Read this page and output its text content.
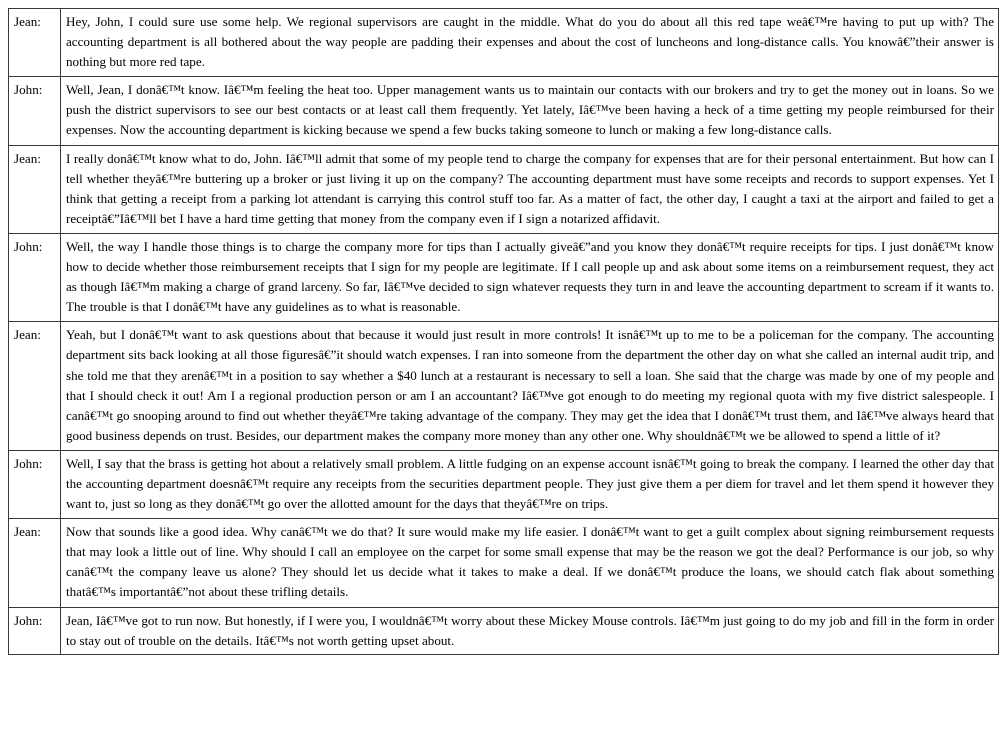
Jean:	Hey, John, I could sure use some help. We regional supervisors are caught in the middle. What do you do about all this red tape weâ€™re having to put up with? The accounting department is all bothered about the way people are padding their expenses and about the cost of luncheons and long-distance calls. You knowâ€”their answer is nothing but more red tape.
John:	Well, Jean, I donâ€™t know. Iâ€™m feeling the heat too. Upper management wants us to maintain our contacts with our brokers and try to get the money out in loans. So we push the district supervisors to see our best contacts or at least call them frequently. Yet lately, Iâ€™ve been having a heck of a time getting my people reimbursed for their expenses. Now the accounting department is kicking because we spend a few bucks taking someone to lunch or making a few long-distance calls.
Jean:	I really donâ€™t know what to do, John. Iâ€™ll admit that some of my people tend to charge the company for expenses that are for their personal entertainment. But how can I tell whether theyâ€™re buttering up a broker or just living it up on the company? The accounting department must have some receipts and records to support expenses. Yet I think that getting a receipt from a parking lot attendant is carrying this control stuff too far. As a matter of fact, the other day, I caught a taxi at the airport and failed to get a receiptâ€”Iâ€™ll bet I have a hard time getting that money from the company even if I sign a notarized affidavit.
John:	Well, the way I handle those things is to charge the company more for tips than I actually giveâ€”and you know they donâ€™t require receipts for tips. I just donâ€™t know how to decide whether those reimbursement receipts that I sign for my people are legitimate. If I call people up and ask about some items on a reimbursement request, they act as though Iâ€™m making a charge of grand larceny. So far, Iâ€™ve decided to sign whatever requests they turn in and leave the accounting department to scream if it wants to. The trouble is that I donâ€™t have any guidelines as to what is reasonable.
Jean:	Yeah, but I donâ€™t want to ask questions about that because it would just result in more controls! It isnâ€™t up to me to be a policeman for the company. The accounting department sits back looking at all those figuresâ€”it should watch expenses. I ran into someone from the department the other day on what she called an internal audit trip, and she told me that they arenâ€™t in a position to say whether a $40 lunch at a restaurant is necessary to sell a loan. She said that the charge was made by one of my people and that I should check it out! Am I a regional production person or am I an accountant? Iâ€™ve got enough to do meeting my regional quota with my five district salespeople. I canâ€™t go snooping around to find out whether theyâ€™re taking advantage of the company. They may get the idea that I donâ€™t trust them, and Iâ€™ve always heard that good business depends on trust. Besides, our department makes the company more money than any other one. Why shouldnâ€™t we be allowed to spend a little of it?
John:	Well, I say that the brass is getting hot about a relatively small problem. A little fudging on an expense account isnâ€™t going to break the company. I learned the other day that the accounting department doesnâ€™t require any receipts from the securities department people. They just give them a per diem for travel and let them spend it however they want to, just so long as they donâ€™t go over the allotted amount for the days that theyâ€™re on trips.
Jean:	Now that sounds like a good idea. Why canâ€™t we do that? It sure would make my life easier. I donâ€™t want to get a guilt complex about signing reimbursement requests that may look a little out of line. Why should I call an employee on the carpet for some small expense that may be the reason we got the deal? Performance is our job, so why canâ€™t the company leave us alone? They should let us decide what it takes to make a deal. If we donâ€™t produce the loans, we should catch flak about something thatâ€™s importantâ€”not about these trifling details.
John:	Jean, Iâ€™ve got to run now. But honestly, if I were you, I wouldnâ€™t worry about these Mickey Mouse controls. Iâ€™m just going to do my job and fill in the form in order to stay out of trouble on the details. Itâ€™s not worth getting upset about.
